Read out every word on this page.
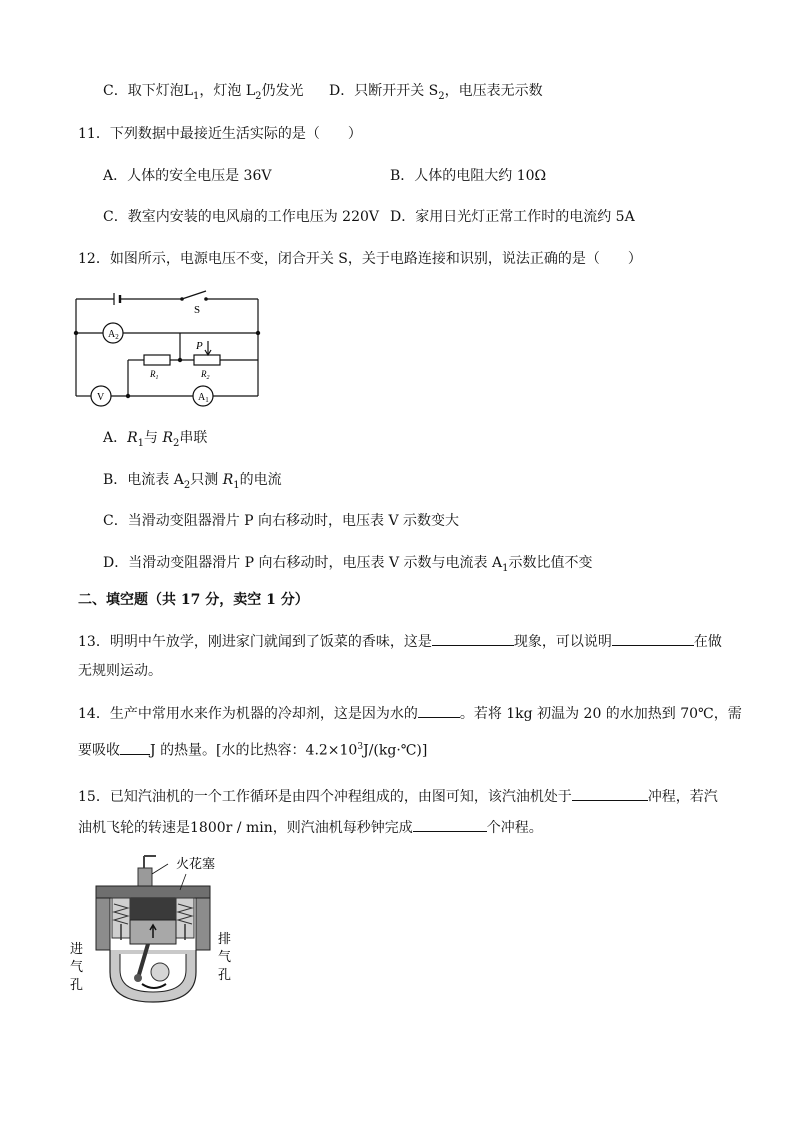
C．取下灯泡$L_1$，灯泡 $L_2$仍发光 D．只断开开关 $S_2$，电压表无示数
11．下列数据中最接近生活实际的是（　　）
A．人体的安全电压是 36V	B．人体的电阻大约 10Ω
C．教室内安装的电风扇的工作电压为 220V D．家用日光灯正常工作时的电流约 5A
12．如图所示，电源电压不变，闭合开关 S，关于电路连接和识别，说法正确的是（　　）
S
$A_2$
V	$A_1$
$R_1$	$R_2$
P
A．$R_1$与 $R_2$串联
B．电流表 $A_2$只测 $R_1$的电流
C．当滑动变阻器滑片 P 向右移动时，电压表 V 示数变大
D．当滑动变阻器滑片 P 向右移动时，电压表 V 示数与电流表 $A_1$示数比值不变
二、填空题（共 17 分，卖空 1 分）
13．明明中午放学，刚进家门就闻到了饭菜的香味，这是	现象，可以说明	在做
无规则运动。
14．生产中常用水来作为机器的冷却剂，这是因为水的	。若将 1kg 初温为 20 的水加热到 70℃，需
要吸收 J 的热量。[水的比热容：$4.2\times 10^3J/(kg\cdot℃)$]
15．已知汽油机的一个工作循环是由四个冲程组成的，由图可知，该汽油机处于	冲程，若汽
油机飞轮的转速是1800r / min，则汽油机每秒钟完成	个冲程。
火花塞
进
气
孔
排
气
孔
